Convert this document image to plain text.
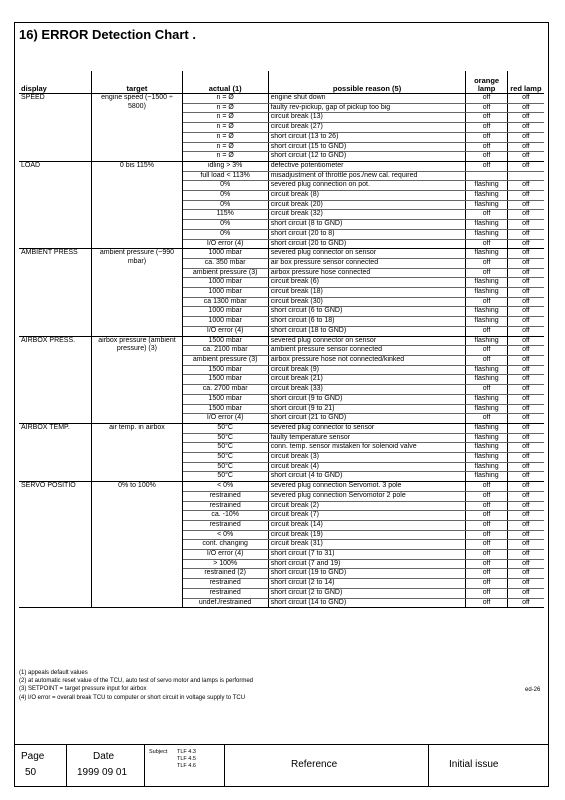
16) ERROR Detection Chart .
display	target	actual (1)	possible reason (5)	orange lamp	red lamp
SPEED	engine speed (~1500 ÷ 5800)	n = Ø	engine shut down	off	off
		n = Ø	faulty rev-pickup, gap of pickup too big	off	off
		n = Ø	circuit break (13)	off	off
		n = Ø	circuit break (27)	off	off
		n = Ø	short circuit (13 to 26)	off	off
		n = Ø	short circuit (15 to GND)	off	off
		n = Ø	short circuit (12 to GND)	off	off
LOAD	0 bis 115%	idling > 3%	defective potentiometer	off	off
		full load < 113%	misadjustment of throttle pos./new cal. required		
		0%	severed plug connection on pot.	flashing	off
		0%	circuit break (8)	flashing	off
		0%	circuit break (20)	flashing	off
		115%	circuit break (32)	off	off
		0%	short circuit (8 to GND)	flashing	off
		0%	short circuit (20 to 8)	flashing	off
		I/O error (4)	short circuit (20 to GND)	off	off
AMBIENT PRESS	ambient pressure (~990 mbar)	1000 mbar	severed plug connector on sensor	flashing	off
		ca. 350 mbar	air box pressure sensor connected	off	off
		ambient pressure (3)	airbox pressure hose connected	off	off
		1000 mbar	circuit break (6)	flashing	off
		1000 mbar	circuit break (18)	flashing	off
		ca 1300 mbar	circuit break (30)	off	off
		1000 mbar	short circuit (6 to GND)	flashing	off
		1000 mbar	short circuit (6 to 18)	flashing	off
		I/O error (4)	short circuit (18 to GND)	off	off
AIRBOX PRESS.	airbox pressure (ambient pressure) (3)	1500 mbar	severed plug connector on sensor	flashing	off
		ca. 2100 mbar	ambient pressure sensor connected	off	off
		ambient pressure (3)	airbox pressure hose not connected/kinked	off	off
		1500 mbar	circuit break (9)	flashing	off
		1500 mbar	circuit break (21)	flashing	off
		ca. 2700 mbar	circuit break (33)	off	off
		1500 mbar	short circuit (9 to GND)	flashing	off
		1500 mbar	short circuit (9 to 21)	flashing	off
		I/O error (4)	short circuit (21 to GND)	off	off
AIRBOX TEMP.	air temp. in airbox	50°C	severed plug connector to sensor	flashing	off
		50°C	faulty temperature sensor	flashing	off
		50°C	conn. temp. sensor mistaken for solenoid valve	flashing	off
		50°C	circuit break (3)	flashing	off
		50°C	circuit break (4)	flashing	off
		50°C	short circuit (4 to GND)	flashing	off
SERVO POSITIO	0% to 100%	< 0%	severed plug connection Servomot. 3 pole	off	off
		restrained	severed plug connection Servomotor 2 pole	off	off
		restrained	circuit break (2)	off	off
		ca. -10%	circuit break (7)	off	off
		restrained	circuit break (14)	off	off
		< 0%	circuit break (19)	off	off
		cont. changing	circuit break (31)	off	off
		I/O error (4)	short circuit (7 to 31)	off	off
		> 100%	short circuit (7 and 19)	off	off
		restrained (2)	short circuit (19 to GND)	off	off
		restrained	short circuit (2 to 14)	off	off
		restrained	short circuit (2 to GND)	off	off
		undef./restrained	short circuit (14 to GND)	off	off
(1) appeals default values
(2) at automatic reset value of the TCU, auto test of servo motor and lamps is performed
(3) SETPOINT = target pressure input for airbox
(4) I/O error = overall break TCU to computer or short circuit in voltage supply to TCU
ed-26
Page
50
Date
1999 09 01
Subject TLF 4.3
TLF 4.5
TLF 4.6	Reference	Initial issue
